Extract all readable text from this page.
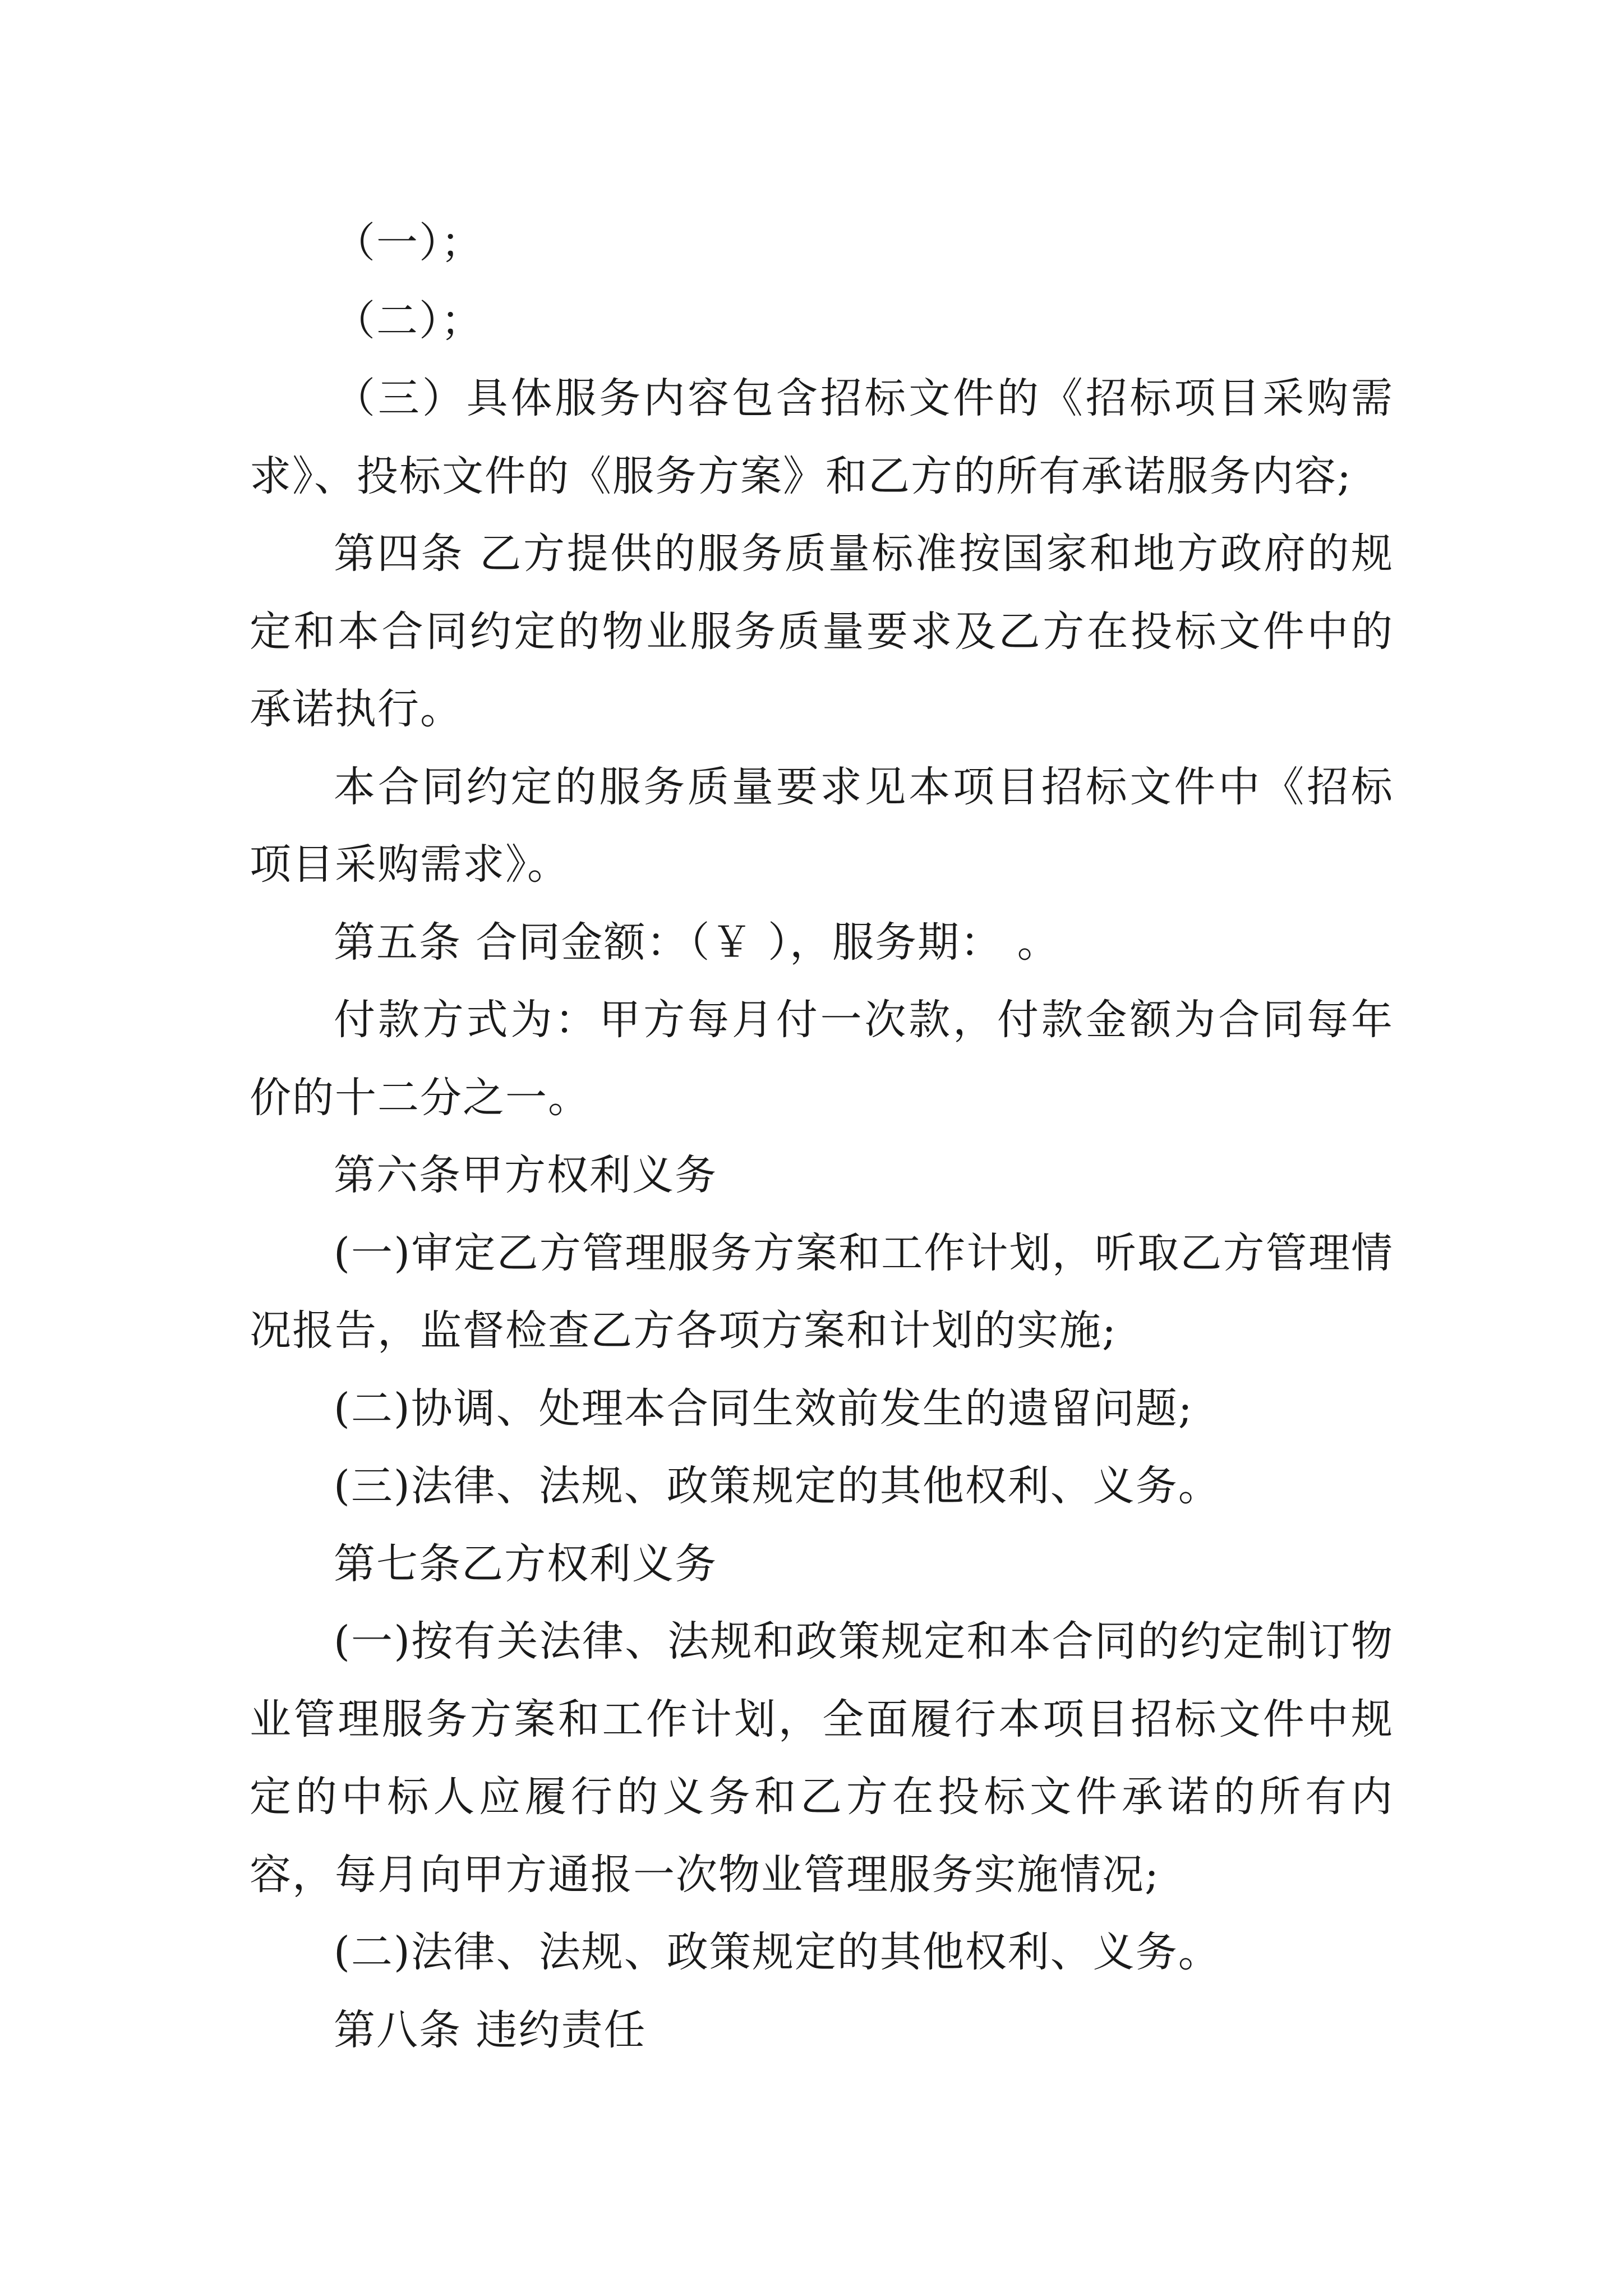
（一）；

（二）；

（三）具体服务内容包含招标文件的《招标项目采购需求》、投标文件的《服务方案》和乙方的所有承诺服务内容;

第四条 乙方提供的服务质量标准按国家和地方政府的规定和本合同约定的物业服务质量要求及乙方在投标文件中的承诺执行。

本合同约定的服务质量要求见本项目招标文件中《招标项目采购需求》。

第五条 合同金额：（￥ ），服务期： 。

付款方式为：甲方每月付一次款，付款金额为合同每年价的十二分之一。

第六条甲方权利义务

(一)审定乙方管理服务方案和工作计划，听取乙方管理情况报告，监督检查乙方各项方案和计划的实施;

(二)协调、处理本合同生效前发生的遗留问题;

(三)法律、法规、政策规定的其他权利、义务。

第七条乙方权利义务

(一)按有关法律、法规和政策规定和本合同的约定制订物业管理服务方案和工作计划，全面履行本项目招标文件中规定的中标人应履行的义务和乙方在投标文件承诺的所有内容，每月向甲方通报一次物业管理服务实施情况;

(二)法律、法规、政策规定的其他权利、义务。

第八条 违约责任
